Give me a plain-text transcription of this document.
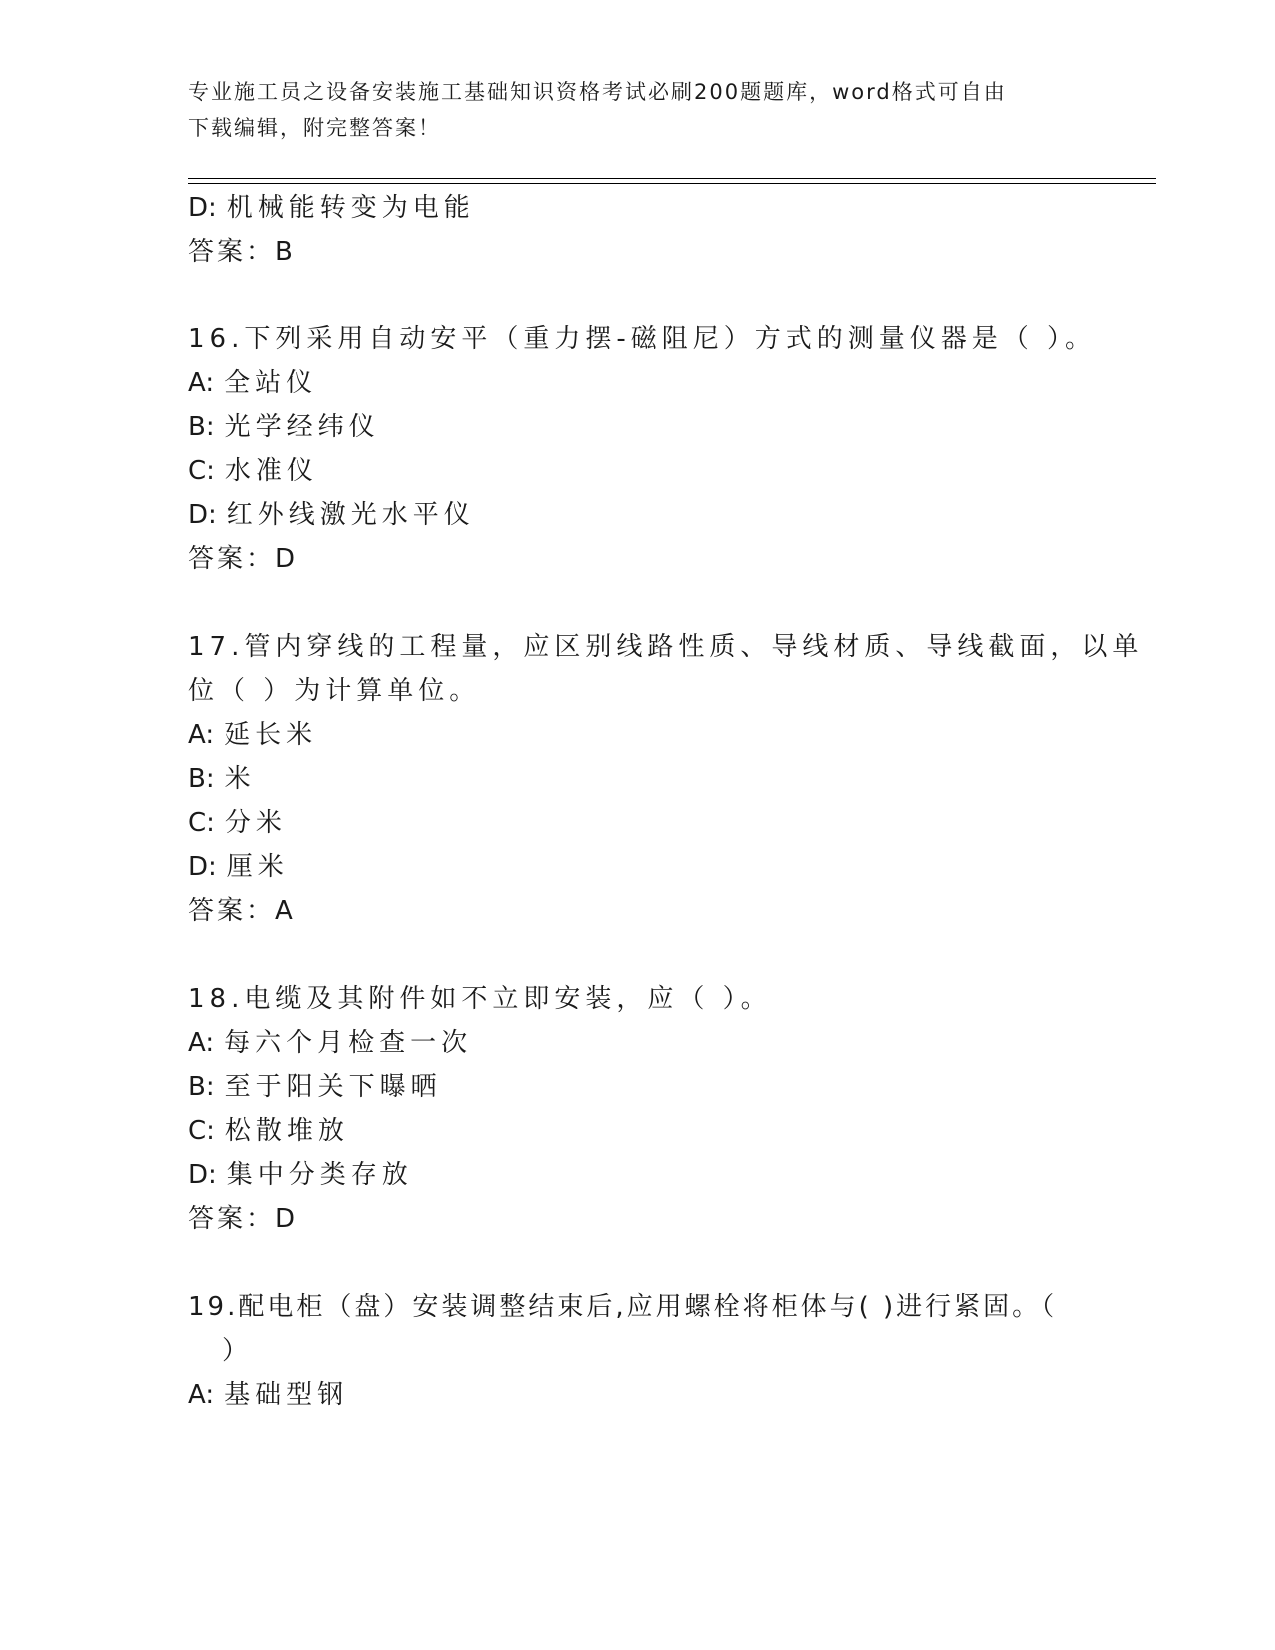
专业施工员之设备安装施工基础知识资格考试必刷200题题库，word格式可自由
下载编辑，附完整答案！
D: 机械能转变为电能
答案：B
16.下列采用自动安平（重力摆-磁阻尼）方式的测量仪器是（ ）。
A: 全站仪
B: 光学经纬仪
C: 水准仪
D: 红外线激光水平仪
答案：D
17.管内穿线的工程量，应区别线路性质、导线材质、导线截面，以单
位（ ）为计算单位。
A: 延长米
B: 米
C: 分米
D: 厘米
答案：A
18.电缆及其附件如不立即安装，应（ ）。
A: 每六个月检查一次
B: 至于阳关下曝晒
C: 松散堆放
D: 集中分类存放
答案：D
19.配电柜（盘）安装调整结束后,应用螺栓将柜体与( )进行紧固。（
）
A: 基础型钢
